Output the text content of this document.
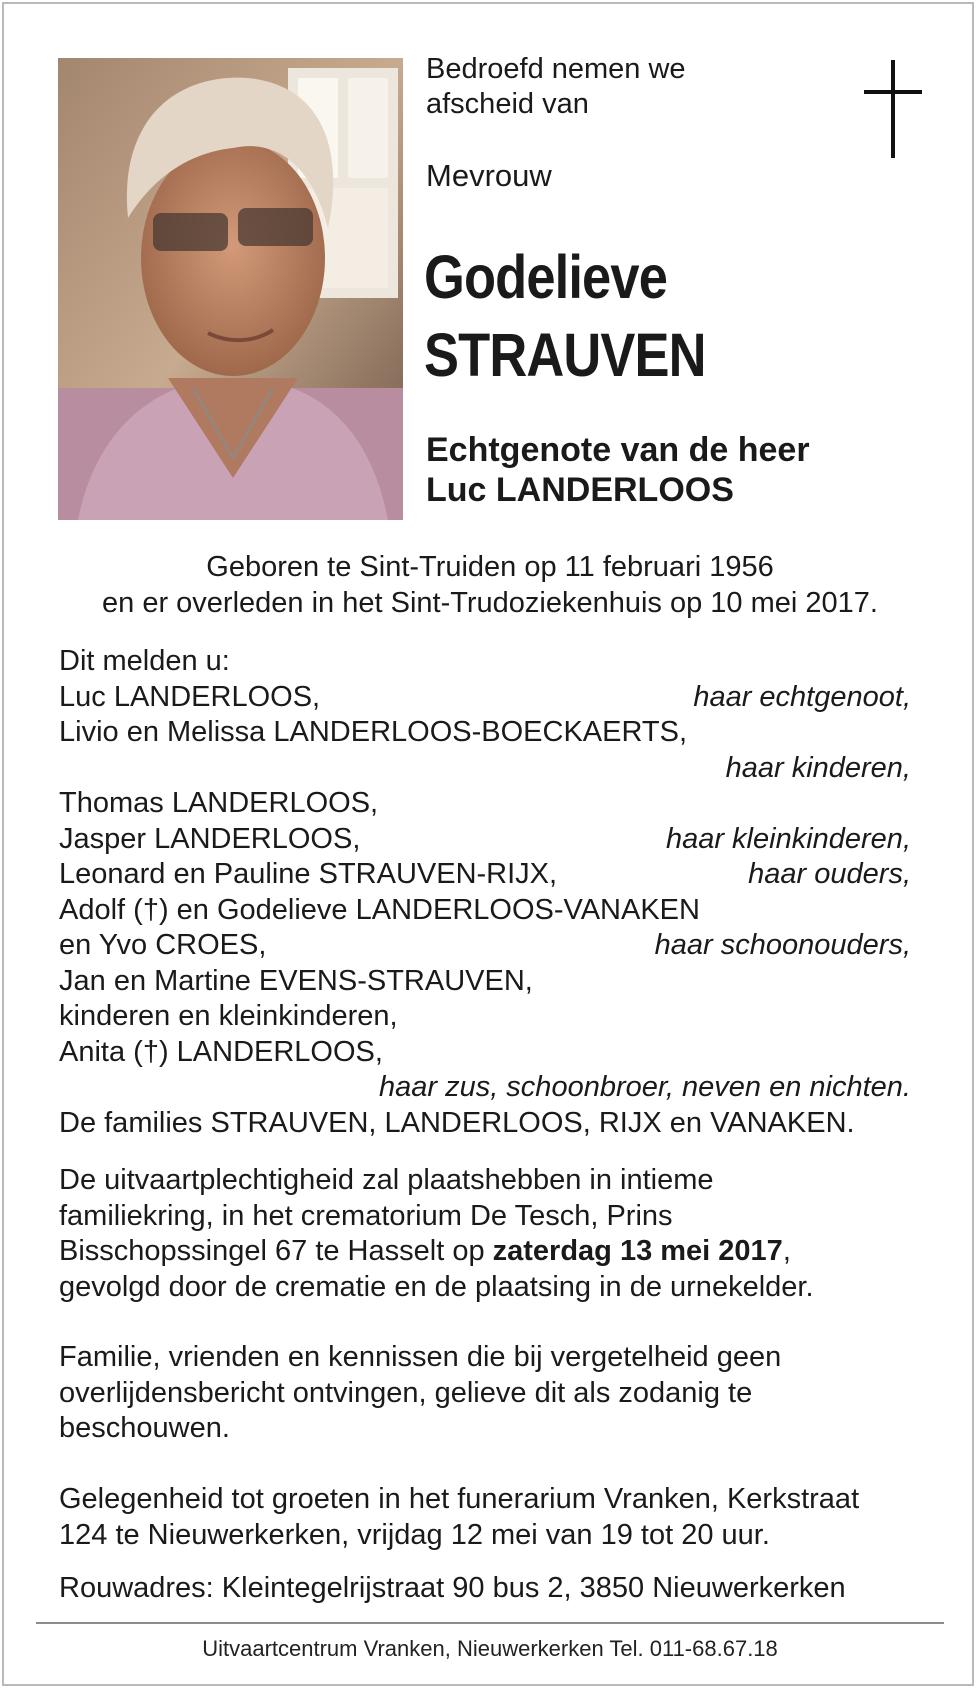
Bedroefd nemen we
afscheid van
Mevrouw
Godelieve
STRAUVEN
Echtgenote van de heer
Luc LANDERLOOS
Geboren te Sint-Truiden op 11 februari 1956
en er overleden in het Sint-Trudoziekenhuis op 10 mei 2017.
Dit melden u:
Luc LANDERLOOS,	haar echtgenoot,
Livio en Melissa LANDERLOOS-BOECKAERTS,
haar kinderen,
Thomas LANDERLOOS,
Jasper LANDERLOOS,	haar kleinkinderen,
Leonard en Pauline STRAUVEN-RIJX,	haar ouders,
Adolf (†) en Godelieve LANDERLOOS-VANAKEN
en Yvo CROES,	haar schoonouders,
Jan en Martine EVENS-STRAUVEN,
kinderen en kleinkinderen,
Anita (†) LANDERLOOS,
haar zus, schoonbroer, neven en nichten.
De families STRAUVEN, LANDERLOOS, RIJX en VANAKEN.
De uitvaartplechtigheid zal plaatshebben in intieme
familiekring, in het crematorium De Tesch, Prins
Bisschopssingel 67 te Hasselt op zaterdag 13 mei 2017,
gevolgd door de crematie en de plaatsing in de urnekelder.
Familie, vrienden en kennissen die bij vergetelheid geen
overlijdensbericht ontvingen, gelieve dit als zodanig te
beschouwen.
Gelegenheid tot groeten in het funerarium Vranken, Kerkstraat
124 te Nieuwerkerken, vrijdag 12 mei van 19 tot 20 uur.
Rouwadres: Kleintegelrijstraat 90 bus 2, 3850 Nieuwerkerken
Uitvaartcentrum Vranken, Nieuwerkerken Tel. 011-68.67.18
